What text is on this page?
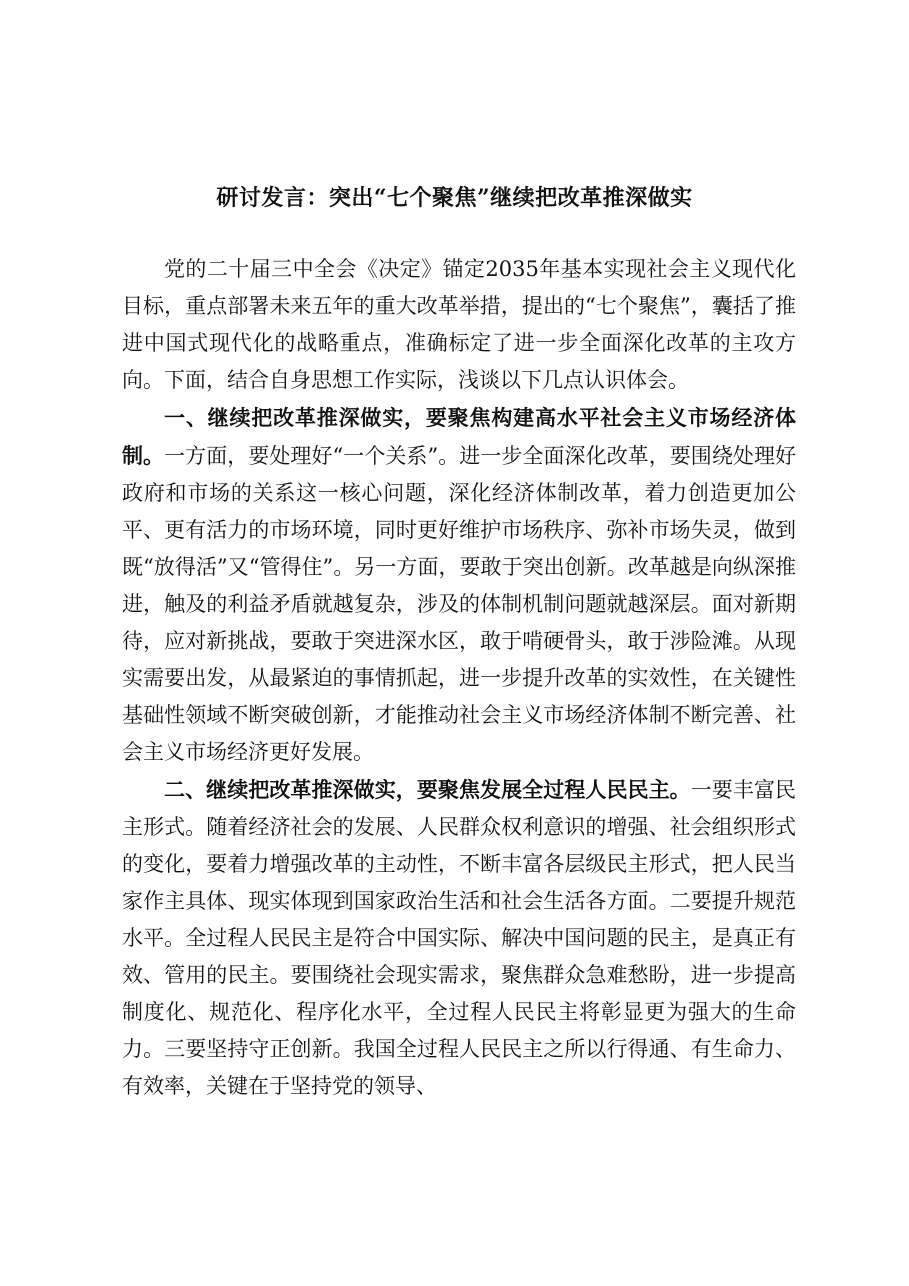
研讨发言：突出“七个聚焦”继续把改革推深做实

党的二十届三中全会《决定》锚定2035年基本实现社会主义现代化目标，重点部署未来五年的重大改革举措，提出的“七个聚焦”，囊括了推进中国式现代化的战略重点，准确标定了进一步全面深化改革的主攻方向。下面，结合自身思想工作实际，浅谈以下几点认识体会。

一、继续把改革推深做实，要聚焦构建高水平社会主义市场经济体制。一方面，要处理好“一个关系”。进一步全面深化改革，要围绕处理好政府和市场的关系这一核心问题，深化经济体制改革，着力创造更加公平、更有活力的市场环境，同时更好维护市场秩序、弥补市场失灵，做到既“放得活”又“管得住”。另一方面，要敢于突出创新。改革越是向纵深推进，触及的利益矛盾就越复杂，涉及的体制机制问题就越深层。面对新期待，应对新挑战，要敢于突进深水区，敢于啃硬骨头，敢于涉险滩。从现实需要出发，从最紧迫的事情抓起，进一步提升改革的实效性，在关键性基础性领域不断突破创新，才能推动社会主义市场经济体制不断完善、社会主义市场经济更好发展。

二、继续把改革推深做实，要聚焦发展全过程人民民主。一要丰富民主形式。随着经济社会的发展、人民群众权利意识的增强、社会组织形式的变化，要着力增强改革的主动性，不断丰富各层级民主形式，把人民当家作主具体、现实体现到国家政治生活和社会生活各方面。二要提升规范水平。全过程人民民主是符合中国实际、解决中国问题的民主，是真正有效、管用的民主。要围绕社会现实需求，聚焦群众急难愁盼，进一步提高制度化、规范化、程序化水平，全过程人民民主将彰显更为强大的生命力。三要坚持守正创新。我国全过程人民民主之所以行得通、有生命力、有效率，关键在于坚持党的领导、
